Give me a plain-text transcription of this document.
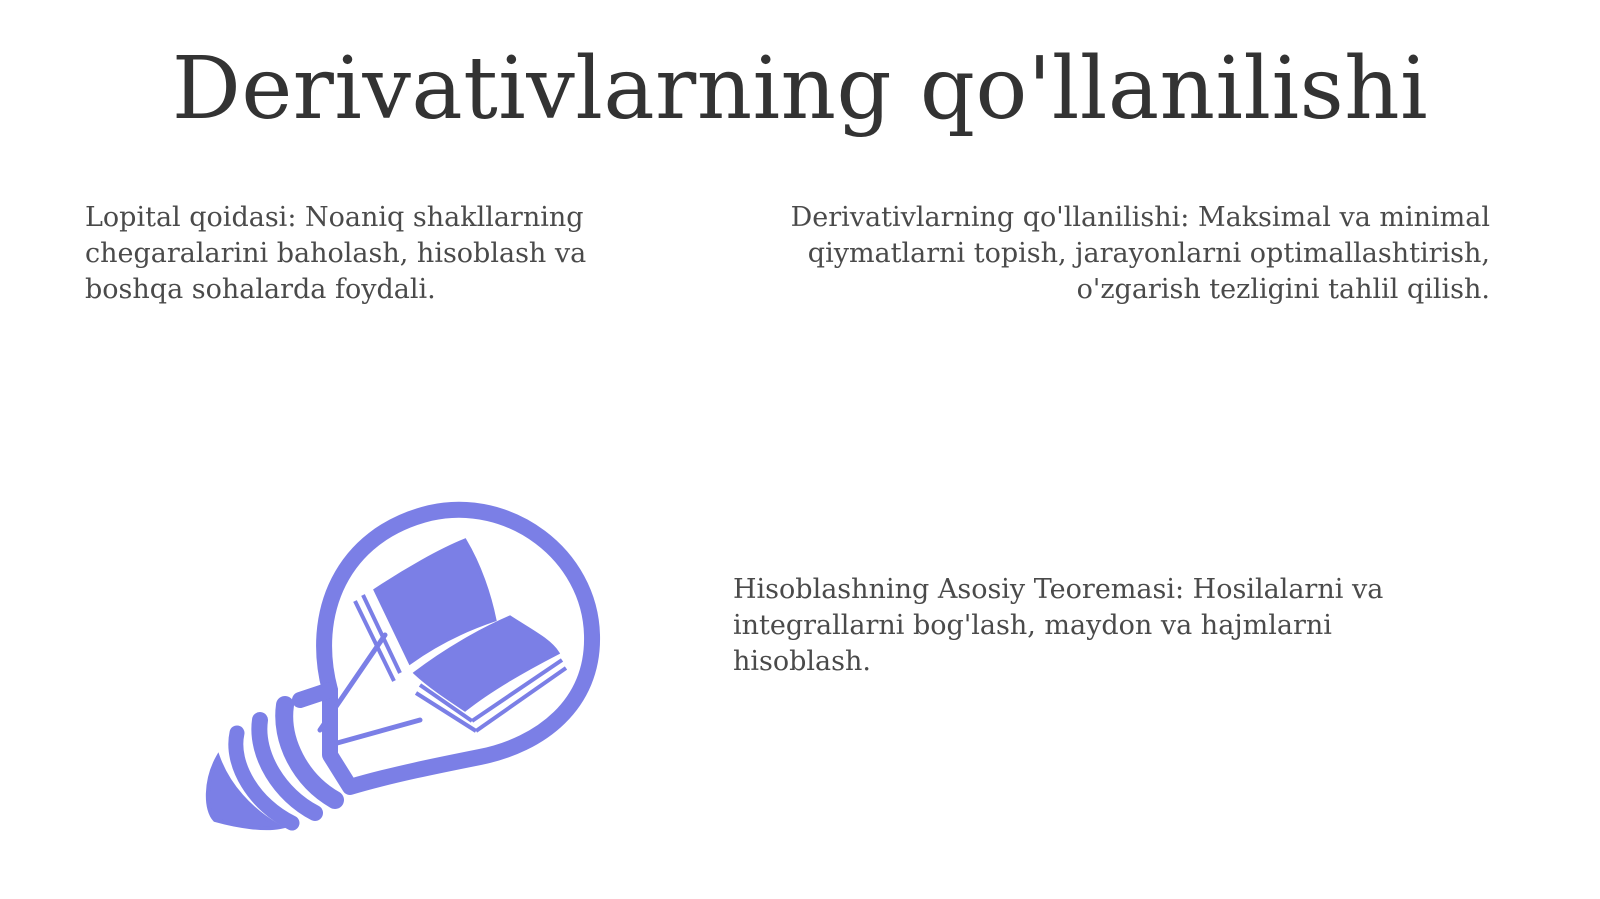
Derivativlarning qo'llanilishi
Lopital qoidasi: Noaniq shakllarning chegaralarini baholash, hisoblash va boshqa sohalarda foydali.
Derivativlarning qo'llanilishi: Maksimal va minimal qiymatlarni topish, jarayonlarni optimallashtirish, o'zgarish tezligini tahlil qilish.
Hisoblashning Asosiy Teoremasi: Hosilalarni va integrallarni bog'lash, maydon va hajmlarni hisoblash.
